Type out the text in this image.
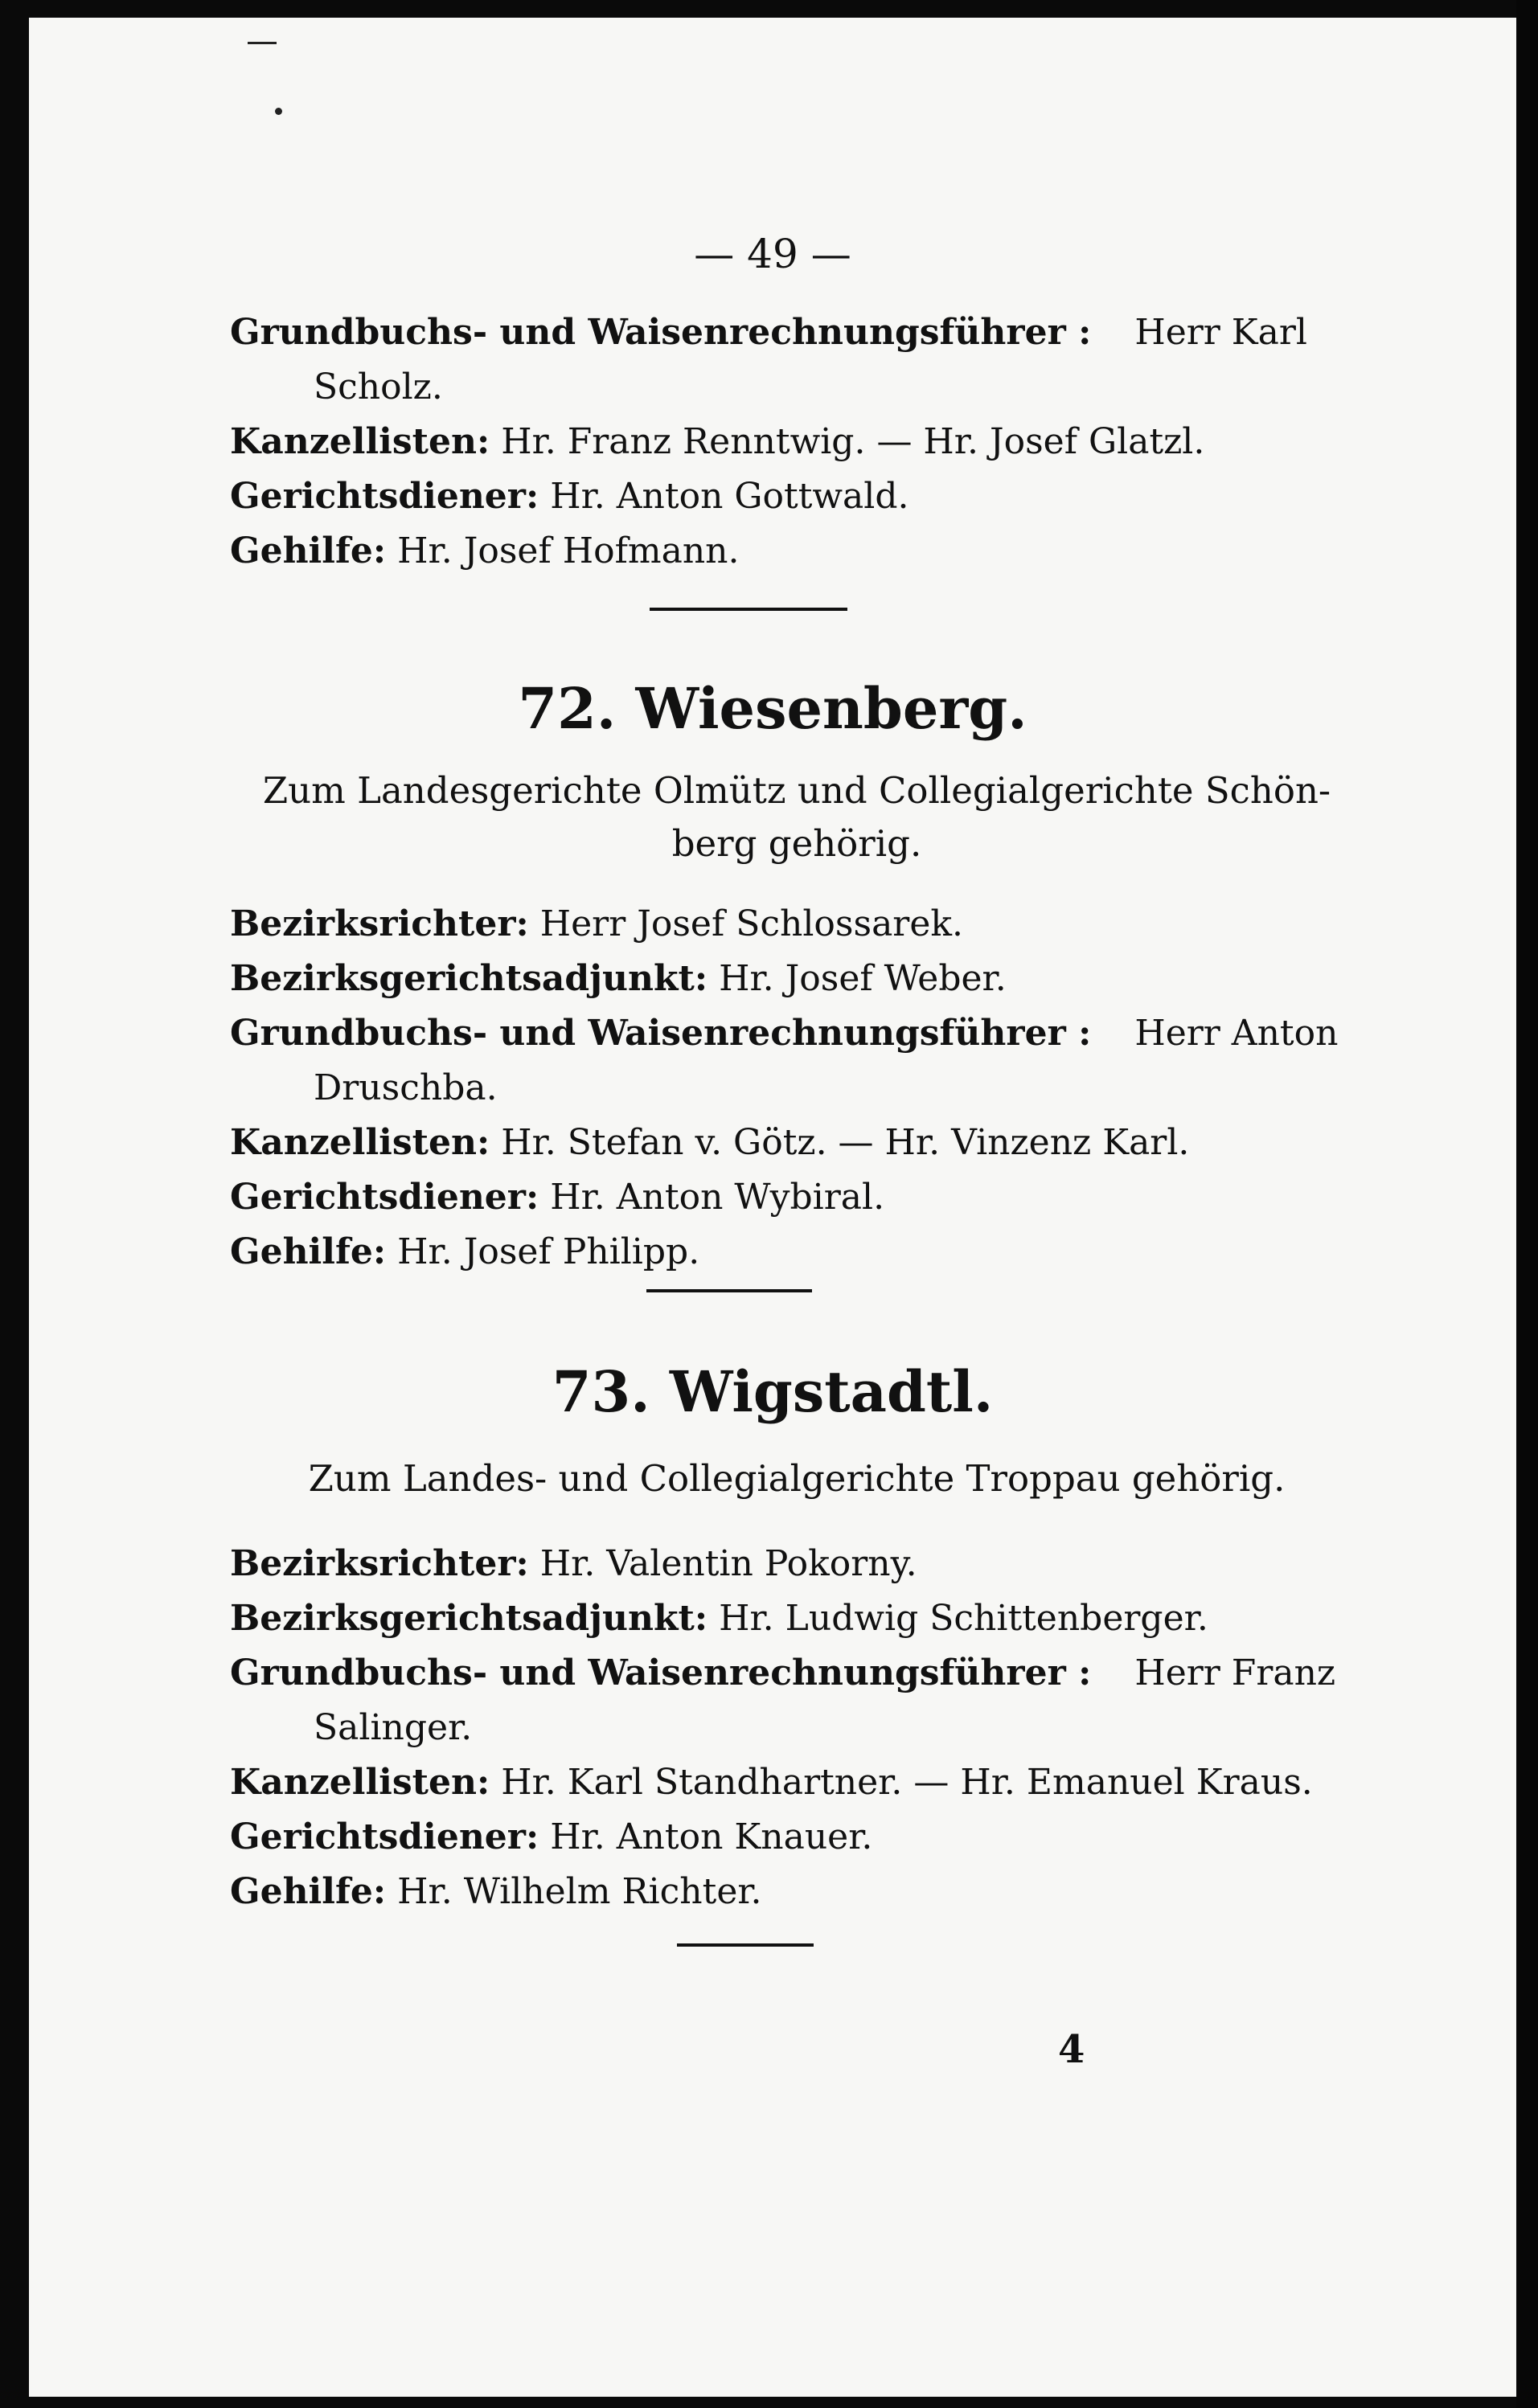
— 49 —
Grundbuchs- und Waisenrechnungsführer : Herr Karl
Scholz.
Kanzellisten: Hr. Franz Renntwig. — Hr. Josef Glatzl.
Gerichtsdiener: Hr. Anton Gottwald.
Gehilfe: Hr. Josef Hofmann.
72. Wiesenberg.
Zum Landesgerichte Olmütz und Collegialgerichte Schön-
berg gehörig.
Bezirksrichter: Herr Josef Schlossarek.
Bezirksgerichtsadjunkt: Hr. Josef Weber.
Grundbuchs- und Waisenrechnungsführer : Herr Anton
Druschba.
Kanzellisten: Hr. Stefan v. Götz. — Hr. Vinzenz Karl.
Gerichtsdiener: Hr. Anton Wybiral.
Gehilfe: Hr. Josef Philipp.
73. Wigstadtl.
Zum Landes- und Collegialgerichte Troppau gehörig.
Bezirksrichter: Hr. Valentin Pokorny.
Bezirksgerichtsadjunkt: Hr. Ludwig Schittenberger.
Grundbuchs- und Waisenrechnungsführer : Herr Franz
Salinger.
Kanzellisten: Hr. Karl Standhartner. — Hr. Emanuel Kraus.
Gerichtsdiener: Hr. Anton Knauer.
Gehilfe: Hr. Wilhelm Richter.
4
